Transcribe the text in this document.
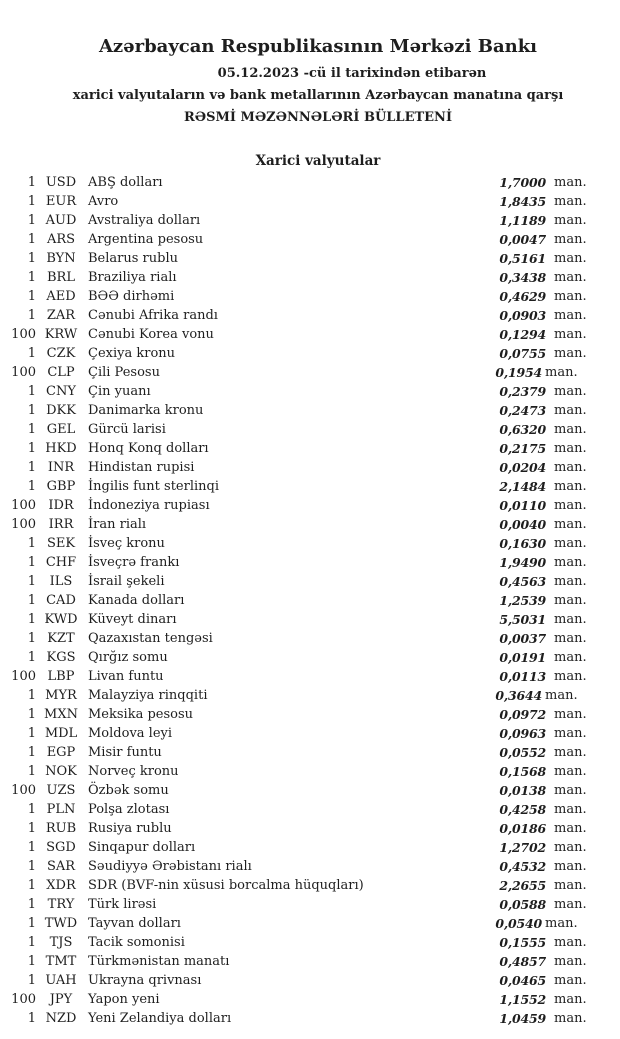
Azərbaycan Respublikasının Mərkəzi Bankı
05.12.2023 -cü il tarixindən etibarən
xarici valyutaların və bank metallarının Azərbaycan manatına qarşı
RƏSMİ MƏZƏNNƏLƏRİ BÜLLETENİ
Xarici valyutalar
1 USD ABŞ dolları	1,7000 man.
1 EUR Avro	1,8435 man.
1 AUD Avstraliya dolları	1,1189 man.
1 ARS Argentina pesosu	0,0047 man.
1 BYN Belarus rublu	0,5161 man.
1 BRL	Braziliya rialı	0,3438 man.
1 AED BƏƏ dirhəmi	0,4629 man.
1 ZAR Cənubi Afrika randı	0,0903 man.
100 KRW Cənubi Korea vonu	0,1294 man.
1 CZK Çexiya kronu	0,0755 man.
100 CLP	Çili Pesosu	0,1954 man.
1 CNY Çin yuanı	0,2379 man.
1 DKK Danimarka kronu	0,2473 man.
1 GEL Gürcü larisi	0,6320 man.
1 HKD Honq Konq dolları	0,2175 man.
1 INR	Hindistan rupisi	0,0204 man.
1 GBP İngilis funt sterlinqi	2,1484 man.
100 IDR	İndoneziya rupiası	0,0110 man.
100 IRR	İran rialı	0,0040 man.
1 SEK İsveç kronu	0,1630 man.
1 CHF İsveçrə frankı	1,9490 man.
1	ILS	İsrail şekeli	0,4563 man.
1 CAD Kanada dolları	1,2539 man.
1 KWD Küveyt dinarı	5,5031 man.
1 KZT	Qazaxıstan tengəsi	0,0037 man.
1 KGS Qırğız somu	0,0191 man.
100 LBP	Livan funtu	0,0113 man.
1 MYR Malayziya rinqqiti	0,3644 man.
1 MXN Meksika pesosu	0,0972 man.
1 MDL Moldova leyi	0,0963 man.
1 EGP Misir funtu	0,0552 man.
1 NOK Norveç kronu	0,1568 man.
100 UZS Özbək somu	0,0138 man.
1 PLN Polşa zlotası	0,4258 man.
1 RUB Rusiya rublu	0,0186 man.
1 SGD Sinqapur dolları	1,2702 man.
1 SAR Səudiyyə Ərəbistanı rialı	0,4532 man.
1 XDR SDR (BVF-nin xüsusi borcalma hüquqları)	2,2655 man.
1 TRY	Türk lirəsi	0,0588 man.
1 TWD Tayvan dolları	0,0540 man.
1	TJS	Tacik somonisi	0,1555 man.
1 TMT Türkmənistan manatı	0,4857 man.
1 UAH Ukrayna qrivnası	0,0465 man.
100	JPY	Yapon yeni	1,1552 man.
1 NZD Yeni Zelandiya dolları	1,0459 man.
